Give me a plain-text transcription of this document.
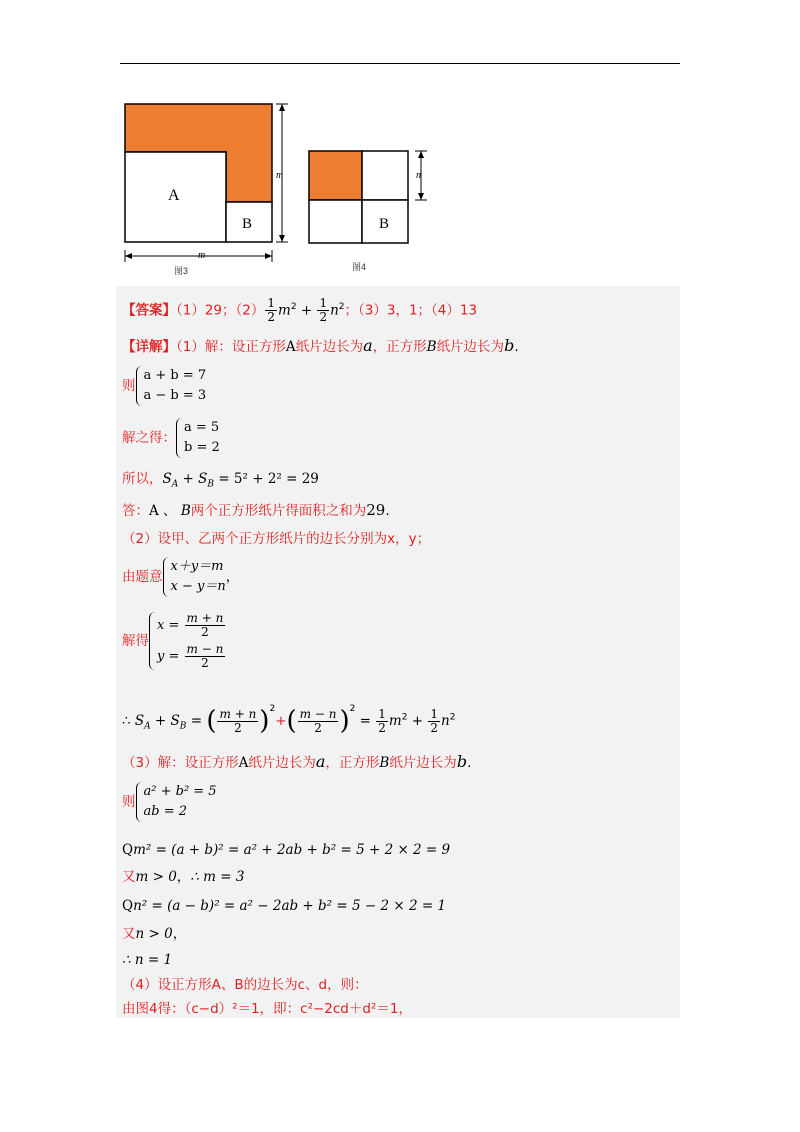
A
B
m
m
图3
B
n
图4
【答案】（1）29；$(2) \frac{1}{2} m^2 + \frac{1}{2} n^2$；（3）3，1；（4）13
【详解】（1）解：设正方形A纸片边长为a，正方形B纸片边长为b.
则
a + b = 7
a − b = 3
解之得：
a = 5
b = 2
所以，$S_A + S_B = 5^2 + 2^2 = 29$
答：A 、 B两个正方形纸片得面积之和为29.
（2）设甲、乙两个正方形纸片的边长分别为x，y；
由题意
x＋y＝m
x − y＝n
，
解得
$x = \frac{m + n}{2}$
$y = \frac{m - n}{2}$
∴ $S_A + S_B$ = ( $\frac{m + n}{2} )^2+( \frac{m - n}{2} )^2 = \frac{1}{2} m^2 + \frac{1}{2} n^2$
（3）解：设正方形A纸片边长为a，正方形B纸片边长为b.
则
a² + b² = 5
ab = 2
Qm² = (a + b)² = a² + 2ab + b² = 5 + 2 × 2 = 9
又m > 0，∴ m = 3
Qn² = (a − b)² = a² − 2ab + b² = 5 − 2 × 2 = 1
又n > 0，
∴ n = 1
（4）设正方形A、B的边长为c、d，则：
由图4得：（c−d）²＝1，即：c²−2cd＋d²＝1，
